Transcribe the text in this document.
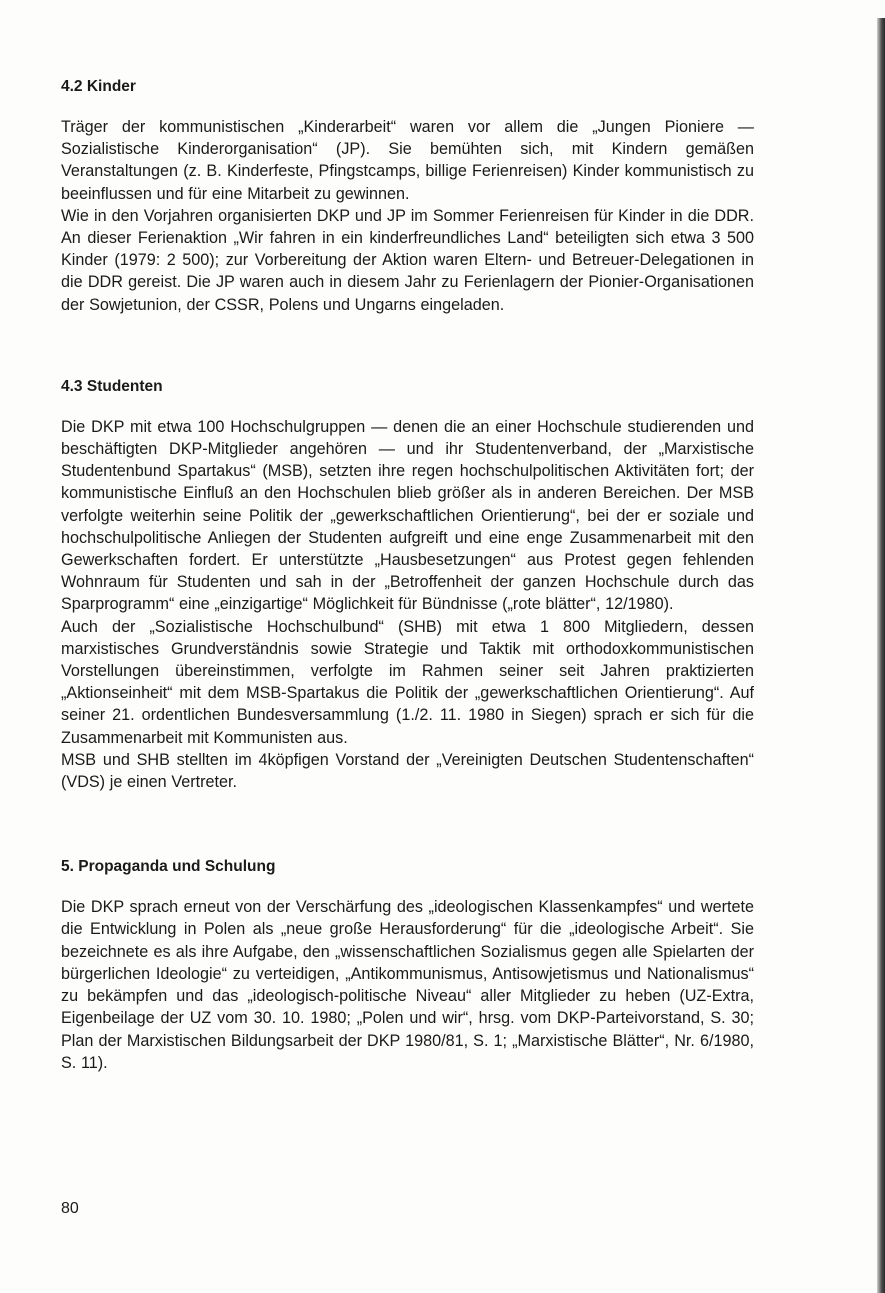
4.2 Kinder

Träger der kommunistischen „Kinderarbeit“ waren vor allem die „Jungen Pioniere — Sozialistische Kinderorganisation“ (JP). Sie bemühten sich, mit Kindern gemäßen Veranstaltungen (z. B. Kinderfeste, Pfingstcamps, billige Ferienreisen) Kinder kommunistisch zu beeinflussen und für eine Mitarbeit zu gewinnen.

Wie in den Vorjahren organisierten DKP und JP im Sommer Ferienreisen für Kinder in die DDR. An dieser Ferienaktion „Wir fahren in ein kinderfreundliches Land“ beteiligten sich etwa 3 500 Kinder (1979: 2 500); zur Vorbereitung der Aktion waren Eltern- und Betreuer-Delegationen in die DDR gereist. Die JP waren auch in diesem Jahr zu Ferienlagern der Pionier-Organisationen der Sowjetunion, der CSSR, Polens und Ungarns eingeladen.

4.3 Studenten

Die DKP mit etwa 100 Hochschulgruppen — denen die an einer Hochschule studierenden und beschäftigten DKP-Mitglieder angehören — und ihr Studentenverband, der „Marxistische Studentenbund Spartakus“ (MSB), setzten ihre regen hochschulpolitischen Aktivitäten fort; der kommunistische Einfluß an den Hochschulen blieb größer als in anderen Bereichen. Der MSB verfolgte weiterhin seine Politik der „gewerkschaftlichen Orientierung“, bei der er soziale und hochschulpolitische Anliegen der Studenten aufgreift und eine enge Zusammenarbeit mit den Gewerkschaften fordert. Er unterstützte „Hausbesetzungen“ aus Protest gegen fehlenden Wohnraum für Studenten und sah in der „Betroffenheit der ganzen Hochschule durch das Sparprogramm“ eine „einzigartige“ Möglichkeit für Bündnisse („rote blätter“, 12/1980).

Auch der „Sozialistische Hochschulbund“ (SHB) mit etwa 1 800 Mitgliedern, dessen marxistisches Grundverständnis sowie Strategie und Taktik mit orthodoxkommunistischen Vorstellungen übereinstimmen, verfolgte im Rahmen seiner seit Jahren praktizierten „Aktionseinheit“ mit dem MSB-Spartakus die Politik der „gewerkschaftlichen Orientierung“. Auf seiner 21. ordentlichen Bundesversammlung (1./2. 11. 1980 in Siegen) sprach er sich für die Zusammenarbeit mit Kommunisten aus.

MSB und SHB stellten im 4köpfigen Vorstand der „Vereinigten Deutschen Studentenschaften“ (VDS) je einen Vertreter.

5. Propaganda und Schulung

Die DKP sprach erneut von der Verschärfung des „ideologischen Klassenkampfes“ und wertete die Entwicklung in Polen als „neue große Herausforderung“ für die „ideologische Arbeit“. Sie bezeichnete es als ihre Aufgabe, den „wissenschaftlichen Sozialismus gegen alle Spielarten der bürgerlichen Ideologie“ zu verteidigen, „Antikommunismus, Antisowjetismus und Nationalismus“ zu bekämpfen und das „ideologisch-politische Niveau“ aller Mitglieder zu heben (UZ-Extra, Eigenbeilage der UZ vom 30. 10. 1980; „Polen und wir“, hrsg. vom DKP-Parteivorstand, S. 30; Plan der Marxistischen Bildungsarbeit der DKP 1980/81, S. 1; „Marxistische Blätter“, Nr. 6/1980, S. 11).

80
